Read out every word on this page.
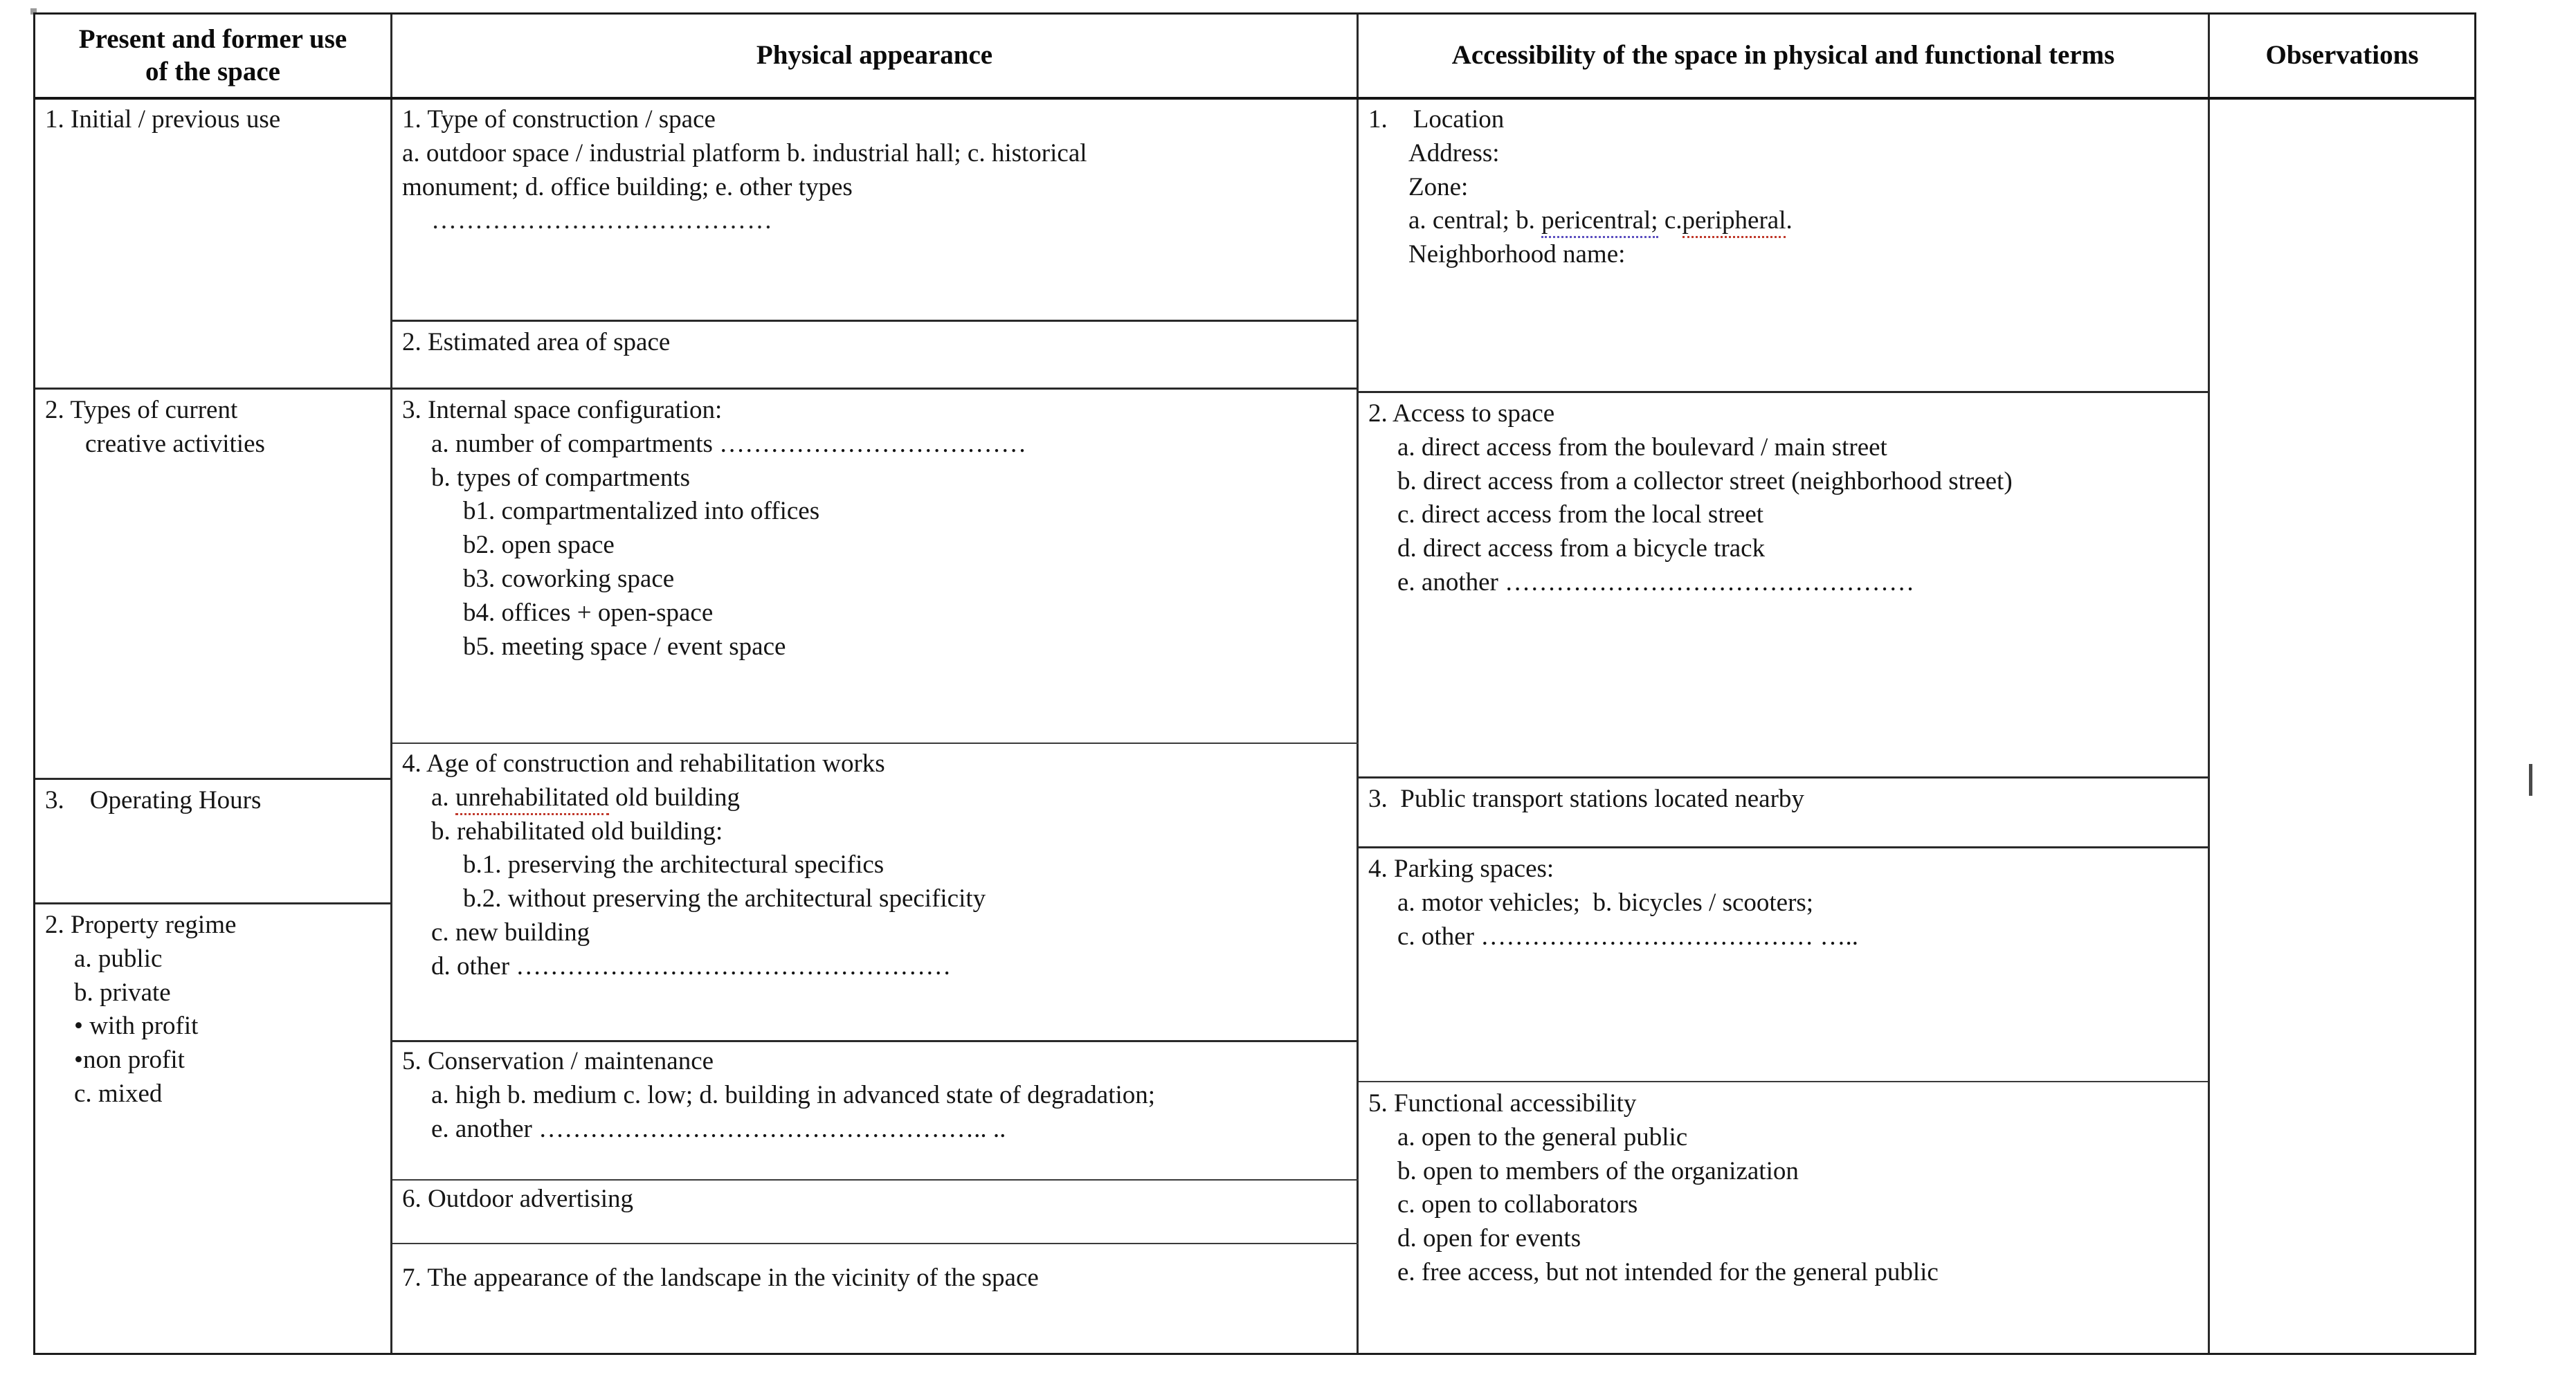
Present and former use
of the space
Physical appearance	Accessibility of the space in physical and functional terms	Observations
1. Initial / previous use
2. Types of current
creative activities
3.    Operating Hours
2. Property regime
a. public
b. private
• with profit
•non profit
c. mixed
1. Type of construction / space
a. outdoor space / industrial platform b. industrial hall; c. historical
monument; d. office building; e. other types
…………………………………
2. Estimated area of space
3. Internal space configuration:
a. number of compartments ………………………………
b. types of compartments
b1. compartmentalized into offices
b2. open space
b3. coworking space
b4. offices + open-space
b5. meeting space / event space
4. Age of construction and rehabilitation works
a. unrehabilitated old building
b. rehabilitated old building:
b.1. preserving the architectural specifics
b.2. without preserving the architectural specificity
c. new building
d. other ……………………………………………
5. Conservation / maintenance
a. high b. medium c. low; d. building in advanced state of degradation;
e. another …………………………………………….. ..
6. Outdoor advertising
7. The appearance of the landscape in the vicinity of the space
1.    Location
Address:
Zone:
a. central; b. pericentral; c.peripheral.
Neighborhood name:
2. Access to space
a. direct access from the boulevard / main street
b. direct access from a collector street (neighborhood street)
c. direct access from the local street
d. direct access from a bicycle track
e. another …………………………………………
3.  Public transport stations located nearby
4. Parking spaces:
a. motor vehicles;  b. bicycles / scooters;
c. other ………………………………… …..
5. Functional accessibility
a. open to the general public
b. open to members of the organization
c. open to collaborators
d. open for events
e. free access, but not intended for the general public
